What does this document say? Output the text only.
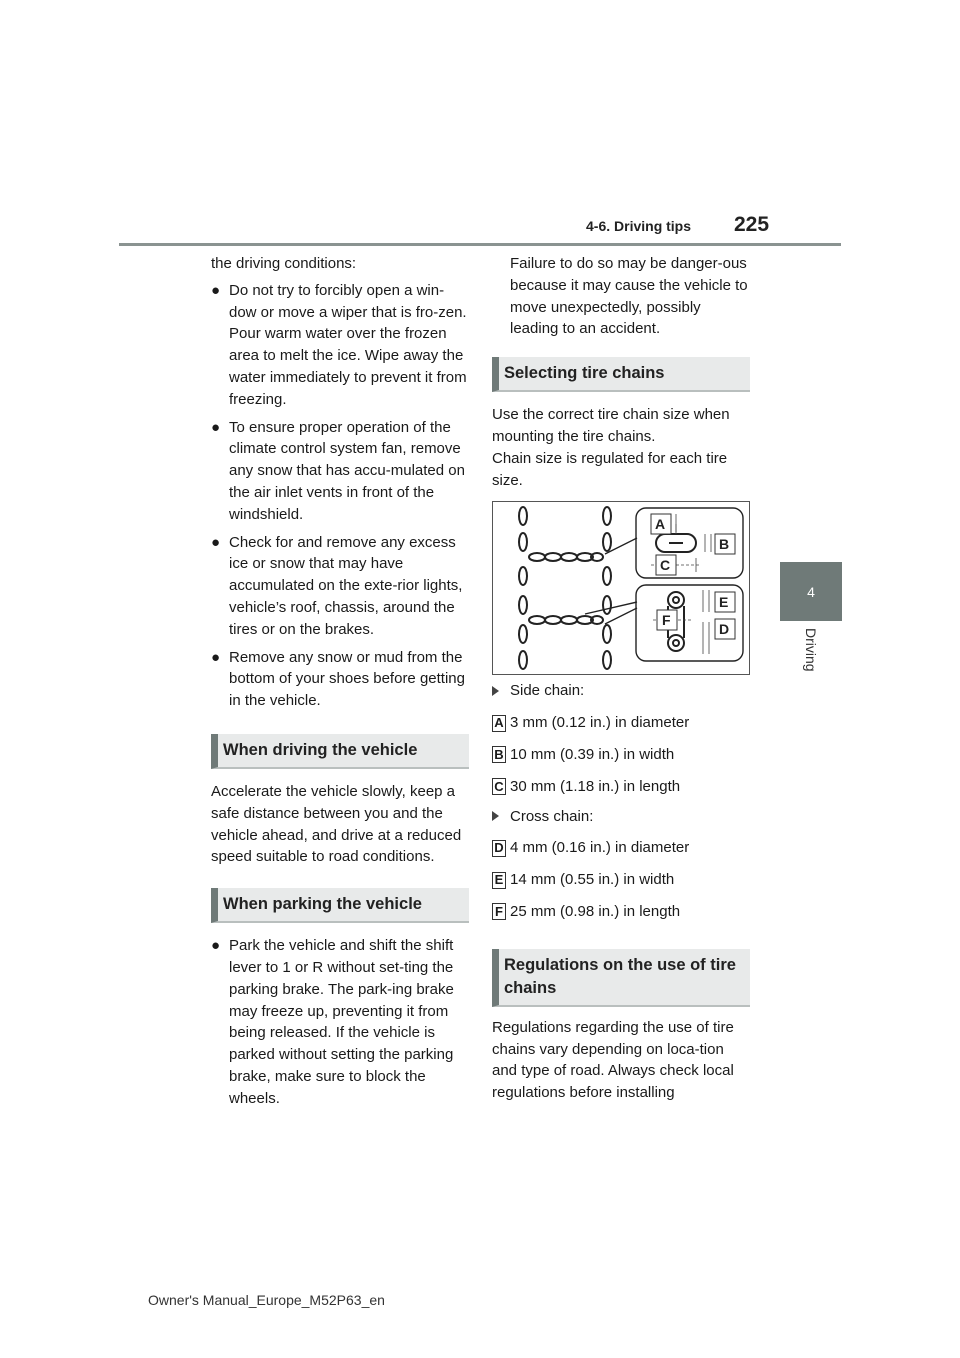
4-6. Driving tips 225
4
Driving

the driving conditions:

● Do not try to forcibly open a win-dow or move a wiper that is fro-zen. Pour warm water over the frozen area to melt the ice. Wipe away the water immediately to prevent it from freezing.
● To ensure proper operation of the climate control system fan, remove any snow that has accu-mulated on the air inlet vents in front of the windshield.
● Check for and remove any excess ice or snow that may have accumulated on the exte-rior lights, vehicle’s roof, chassis, around the tires or on the brakes.
● Remove any snow or mud from the bottom of your shoes before getting in the vehicle.
When driving the vehicle

Accelerate the vehicle slowly, keep a safe distance between you and the vehicle ahead, and drive at a reduced speed suitable to road conditions.

When parking the vehicle
● Park the vehicle and shift the shift lever to 1 or R without set-ting the parking brake. The park-ing brake may freeze up, preventing it from being released. If the vehicle is parked without setting the parking brake, make sure to block the wheels.

Failure to do so may be danger-ous because it may cause the vehicle to move unexpectedly, possibly leading to an accident.

Selecting tire chains

Use the correct tire chain size when mounting the tire chains.

Chain size is regulated for each tire size.

A
B
C
E
F
D
Side chain:
A 3 mm (0.12 in.) in diameter
B 10 mm (0.39 in.) in width
C 30 mm (1.18 in.) in length
Cross chain:
D 4 mm (0.16 in.) in diameter
E 14 mm (0.55 in.) in width
F 25 mm (0.98 in.) in length
Regulations on the use of tire chains

Regulations regarding the use of tire chains vary depending on loca-tion and type of road. Always check local regulations before installing

Owner's Manual_Europe_M52P63_en
